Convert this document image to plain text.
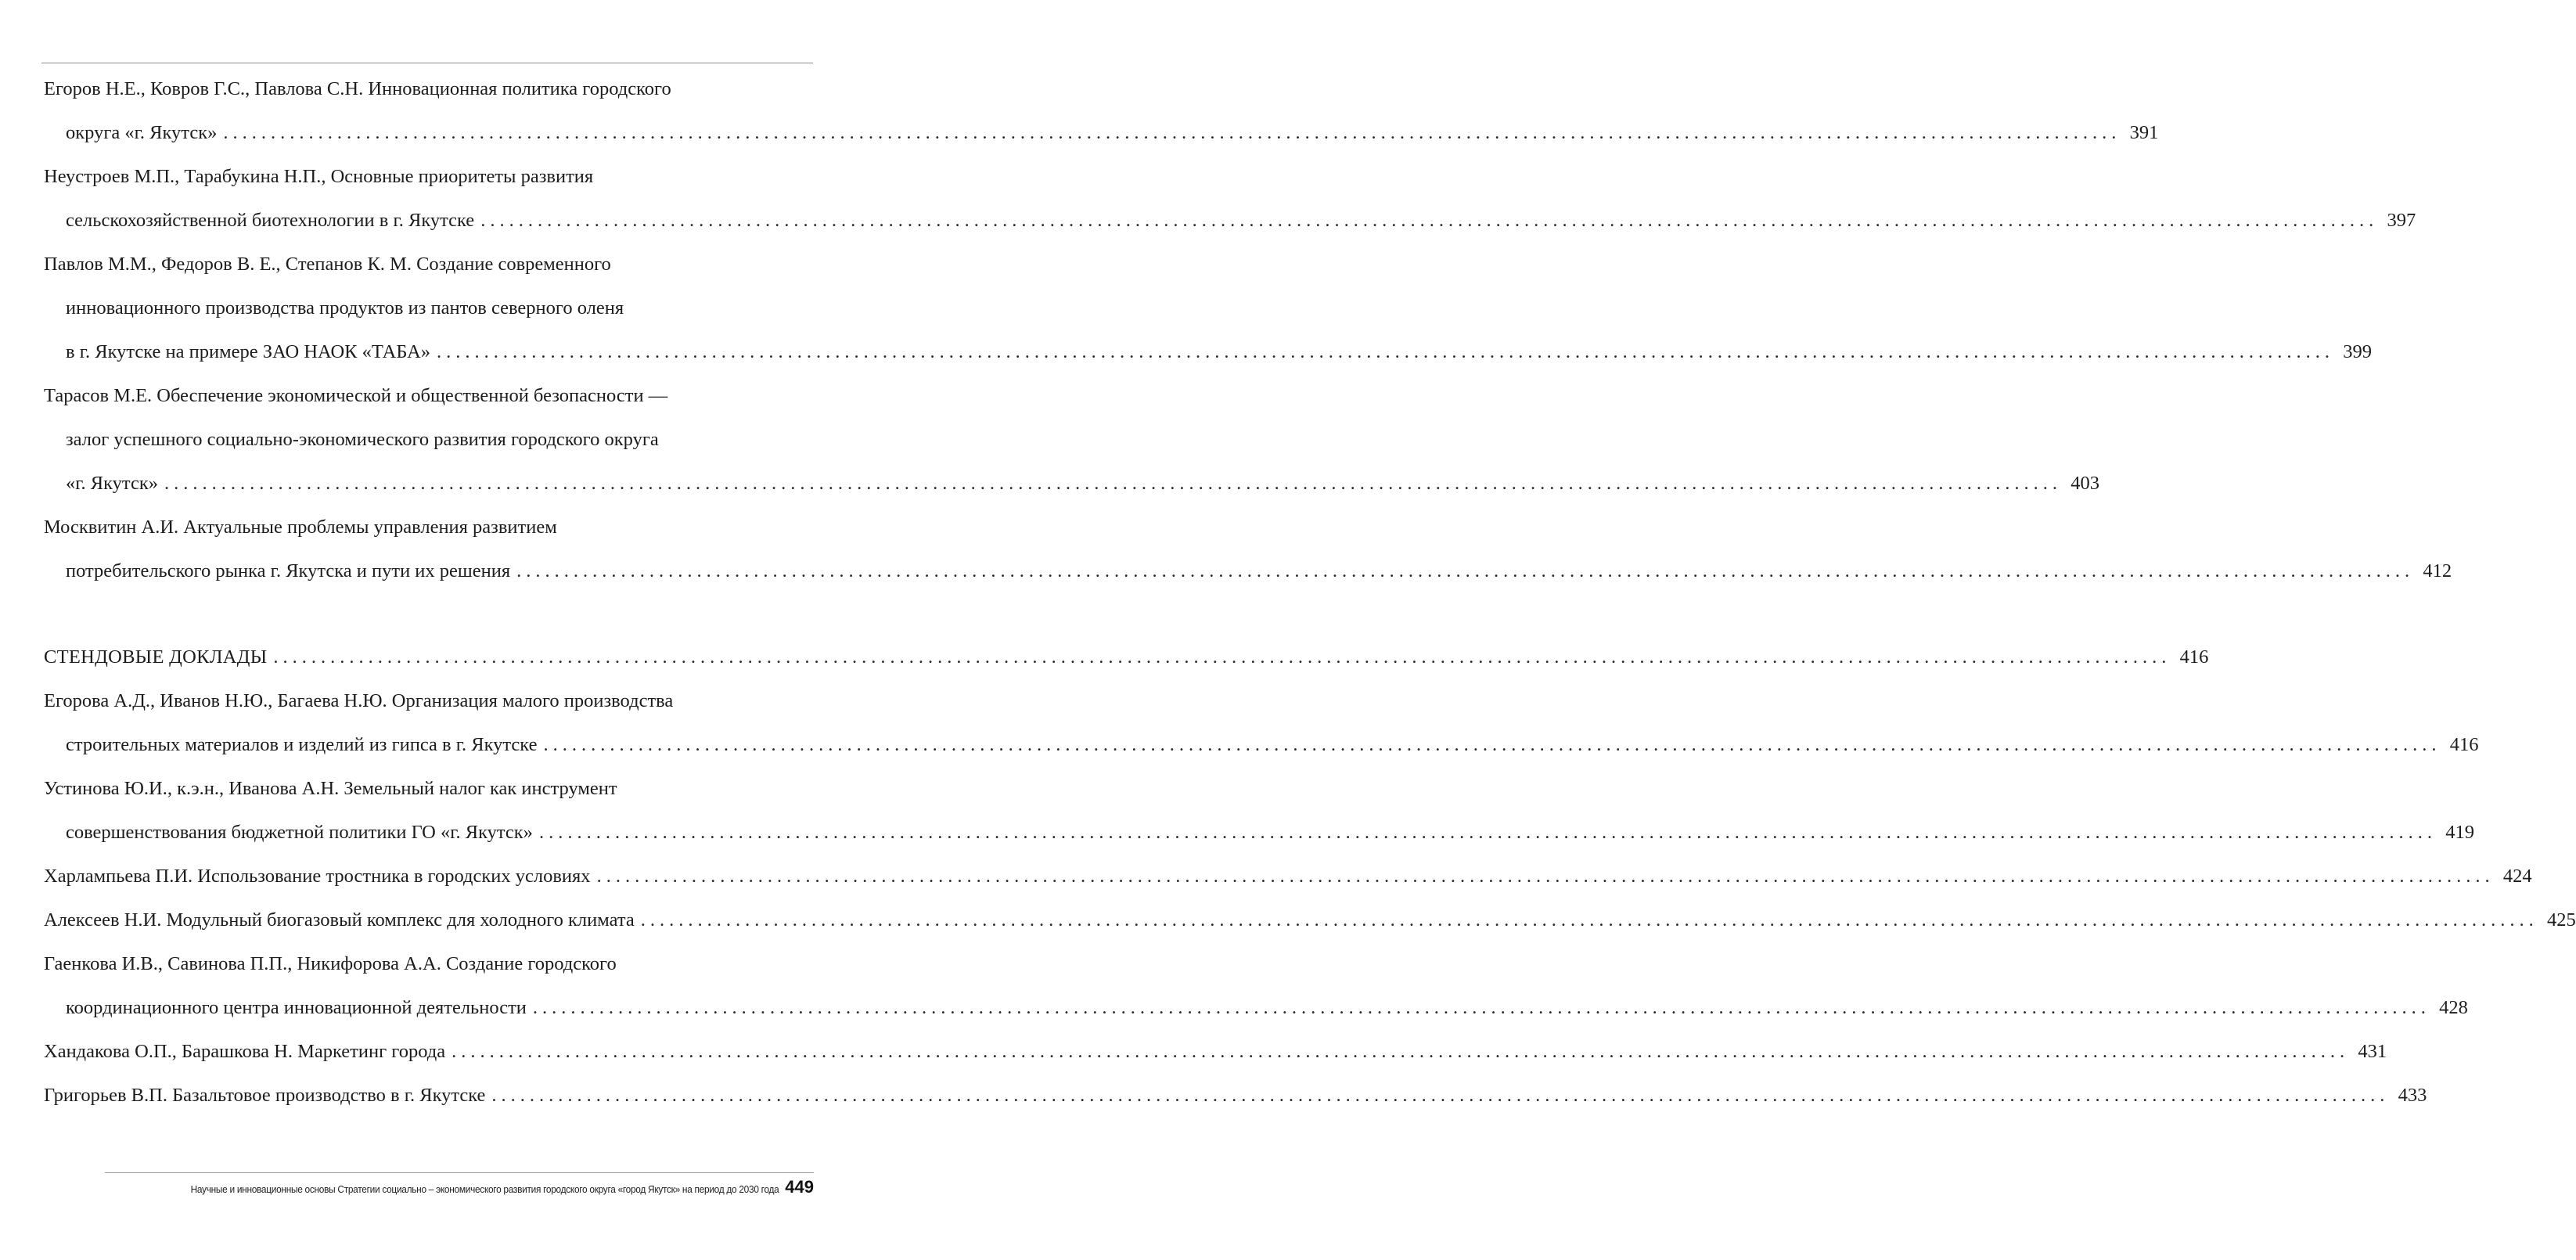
Егоров Н.Е., Ковров Г.С., Павлова С.Н. Инновационная политика городского
округа «г. Якутск» ........................................................................................................................................................................................................ 391
Неустроев М.П., Тарабукина Н.П., Основные приоритеты развития
сельскохозяйственной биотехнологии в г. Якутске ........................................................................................................................................................................................................ 397
Павлов М.М., Федоров В. Е., Степанов К. М. Создание современного
инновационного производства продуктов из пантов северного оленя
в г. Якутске на примере ЗАО НАОК «ТАБА» ........................................................................................................................................................................................................ 399
Тарасов М.Е. Обеспечение экономической и общественной безопасности —
залог успешного социально-экономического развития городского округа
«г. Якутск» ........................................................................................................................................................................................................ 403
Москвитин А.И. Актуальные проблемы управления развитием
потребительского рынка г. Якутска и пути их решения ........................................................................................................................................................................................................ 412
СТЕНДОВЫЕ ДОКЛАДЫ ........................................................................................................................................................................................................ 416
Егорова А.Д., Иванов Н.Ю., Багаева Н.Ю. Организация малого производства
строительных материалов и изделий из гипса в г. Якутске ........................................................................................................................................................................................................ 416
Устинова Ю.И., к.э.н., Иванова А.Н. Земельный налог как инструмент
совершенствования бюджетной политики ГО «г. Якутск» ........................................................................................................................................................................................................ 419
Харлампьева П.И. Использование тростника в городских условиях ........................................................................................................................................................................................................ 424
Алексеев Н.И. Модульный биогазовый комплекс для холодного климата ........................................................................................................................................................................................................ 425
Гаенкова И.В., Савинова П.П., Никифорова А.А. Создание городского
координационного центра инновационной деятельности ........................................................................................................................................................................................................ 428
Хандакова О.П., Барашкова Н. Маркетинг города ........................................................................................................................................................................................................ 431
Григорьев В.П. Базальтовое производство в г. Якутске ........................................................................................................................................................................................................ 433
Научные и инновационные основы Стратегии социально – экономического развития городского округа «город Якутск» на период до 2030 года 449
